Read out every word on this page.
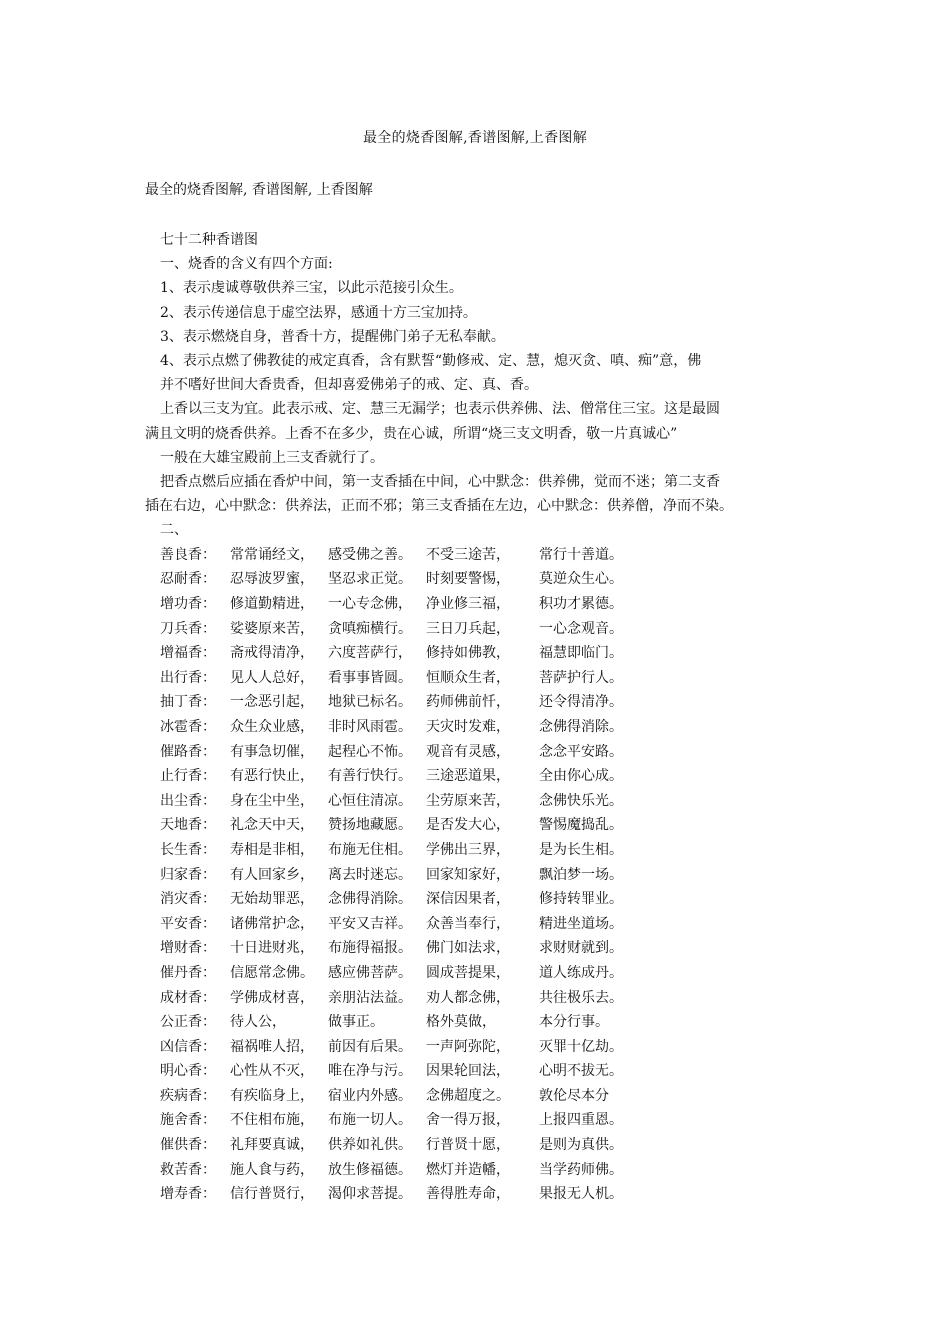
最全的烧香图解,香谱图解,上香图解
最全的烧香图解, 香谱图解, 上香图解

七十二种香谱图

一、烧香的含义有四个方面:

1、表示虔诚尊敬供养三宝，以此示范接引众生。

2、表示传递信息于虚空法界，感通十方三宝加持。

3、表示燃烧自身，普香十方，提醒佛门弟子无私奉献。

4、表示点燃了佛教徒的戒定真香，含有默誓“勤修戒、定、慧，熄灭贪、嗔、痴”意，佛

并不嗜好世间大香贵香，但却喜爱佛弟子的戒、定、真、香。

上香以三支为宜。此表示戒、定、慧三无漏学；也表示供养佛、法、僧常住三宝。这是最圆

满且文明的烧香供养。上香不在多少，贵在心诚，所谓“烧三支文明香，敬一片真诚心”

一般在大雄宝殿前上三支香就行了。

把香点燃后应插在香炉中间，第一支香插在中间，心中默念：供养佛，觉而不迷；第二支香

插在右边，心中默念：供养法，正而不邪；第三支香插在左边，心中默念：供养僧，净而不染。

二、

善良香：	常常诵经文，	感受佛之善。	不受三途苦，	常行十善道。
忍耐香：	忍辱波罗蜜，	坚忍求正觉。	时刻要警惕，	莫逆众生心。
增功香：	修道勤精进，	一心专念佛，	净业修三福，	积功才累德。
刀兵香：	娑婆原来苦，	贪嗔痴横行。	三日刀兵起，	一心念观音。
增福香：	斋戒得清净，	六度菩萨行，	修持如佛教，	福慧即临门。
出行香：	见人人总好，	看事事皆圆。	恒顺众生者，	菩萨护行人。
抽丁香：	一念恶引起，	地狱已标名。	药师佛前忏，	还令得清净。
冰雹香：	众生众业感，	非时风雨雹。	天灾时发难，	念佛得消除。
催路香：	有事急切催，	起程心不怖。	观音有灵感，	念念平安路。
止行香：	有恶行快止，	有善行快行。	三途恶道果，	全由你心成。
出尘香：	身在尘中坐，	心恒住清凉。	尘劳原来苦，	念佛快乐光。
天地香：	礼念天中天，	赞扬地藏愿。	是否发大心，	警惕魔捣乱。
长生香：	寿相是非相，	布施无住相。	学佛出三界，	是为长生相。
归家香：	有人回家乡，	离去时迷忘。	回家知家好，	飘泊梦一场。
消灾香：	无始劫罪恶，	念佛得消除。	深信因果者，	修持转罪业。
平安香：	诸佛常护念，	平安又吉祥。	众善当奉行，	精进坐道场。
增财香：	十日进财兆，	布施得福报。	佛门如法求，	求财财就到。
催丹香：	信愿常念佛。	感应佛菩萨。	圆成菩提果，	道人练成丹。
成材香：	学佛成材喜，	亲朋沾法益。	劝人都念佛，	共往极乐去。
公正香：	待人公，	做事正。	格外莫做，	本分行事。
凶信香：	福祸唯人招，	前因有后果。	一声阿弥陀，	灭罪十亿劫。
明心香：	心性从不灭，	唯在净与污。	因果轮回法，	心明不拔无。
疾病香：	有疾临身上，	宿业内外感。	念佛超度之。	敦伦尽本分
施舍香：	不住相布施，	布施一切人。	舍一得万报，	上报四重恩。
催供香：	礼拜要真诚，	供养如礼供。	行普贤十愿，	是则为真供。
救苦香：	施人食与药，	放生修福德。	燃灯并造幡，	当学药师佛。
增寿香：	信行普贤行，	渴仰求菩提。	善得胜寿命，	果报无人机。
